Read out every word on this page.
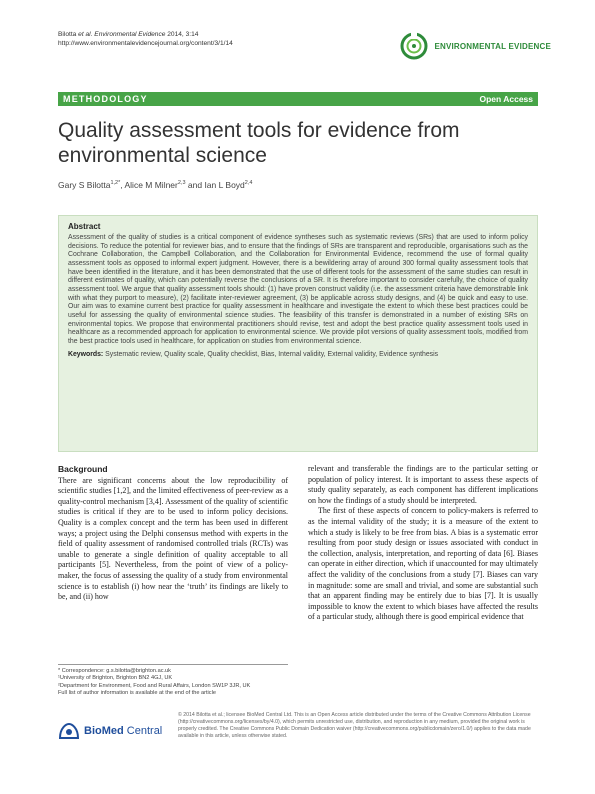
Bilotta et al. Environmental Evidence 2014, 3:14
http://www.environmentalevidencejournal.org/content/3/1/14	ENVIRONMENTAL EVIDENCE
METHODOLOGY	Open Access
Quality assessment tools for evidence from
environmental science
Gary S Bilotta$^{1,2*}$, Alice M Milner$^{2,3}$ and Ian L Boyd$^{2,4}$
Abstract

Assessment of the quality of studies is a critical component of evidence syntheses such as systematic reviews (SRs) that are used to inform policy decisions. To reduce the potential for reviewer bias, and to ensure that the findings of SRs are transparent and reproducible, organisations such as the Cochrane Collaboration, the Campbell Collaboration, and the Collaboration for Environmental Evidence, recommend the use of formal quality assessment tools as opposed to informal expert judgment. However, there is a bewildering array of around 300 formal quality assessment tools that have been identified in the literature, and it has been demonstrated that the use of different tools for the assessment of the same studies can result in different estimates of quality, which can potentially reverse the conclusions of a SR. It is therefore important to consider carefully, the choice of quality assessment tool. We argue that quality assessment tools should: (1) have proven construct validity (i.e. the assessment criteria have demonstrable link with what they purport to measure), (2) facilitate inter-reviewer agreement, (3) be applicable across study designs, and (4) be quick and easy to use. Our aim was to examine current best practice for quality assessment in healthcare and investigate the extent to which these best practices could be useful for assessing the quality of environmental science studies. The feasibility of this transfer is demonstrated in a number of existing SRs on environmental topics. We propose that environmental practitioners should revise, test and adopt the best practice quality assessment tools used in healthcare as a recommended approach for application to environmental science. We provide pilot versions of quality assessment tools, modified from the best practice tools used in healthcare, for application on studies from environmental science.

Keywords: Systematic review, Quality scale, Quality checklist, Bias, Internal validity, External validity, Evidence synthesis

Background

There are significant concerns about the low reproducibility of scientific studies [1,2], and the limited effectiveness of peer-review as a quality-control mechanism [3,4]. Assessment of the quality of scientific studies is critical if they are to be used to inform policy decisions. Quality is a complex concept and the term has been used in different ways; a project using the Delphi consensus method with experts in the field of quality assessment of randomised controlled trials (RCTs) was unable to generate a single definition of quality acceptable to all participants [5]. Nevertheless, from the point of view of a policy-maker, the focus of assessing the quality of a study from environmental science is to establish (i) how near the ‘truth’ its findings are likely to be, and (ii) how

relevant and transferable the findings are to the particular setting or population of policy interest. It is important to assess these aspects of study quality separately, as each component has different implications on how the findings of a study should be interpreted.

The first of these aspects of concern to policy-makers is referred to as the internal validity of the study; it is a measure of the extent to which a study is likely to be free from bias. A bias is a systematic error resulting from poor study design or issues associated with conduct in the collection, analysis, interpretation, and reporting of data [6]. Biases can operate in either direction, which if unaccounted for may ultimately affect the validity of the conclusions from a study [7]. Biases can vary in magnitude: some are small and trivial, and some are substantial such that an apparent finding may be entirely due to bias [7]. It is usually impossible to know the extent to which biases have affected the results of a particular study, although there is good empirical evidence that

* Correspondence: g.s.bilotta@brighton.ac.uk
¹University of Brighton, Brighton BN2 4GJ, UK
²Department for Environment, Food and Rural Affairs, London SW1P 3JR, UK
Full list of author information is available at the end of the article
BioMed Central

© 2014 Bilotta et al.; licensee BioMed Central Ltd. This is an Open Access article distributed under the terms of the Creative Commons Attribution License (http://creativecommons.org/licenses/by/4.0), which permits unrestricted use, distribution, and reproduction in any medium, provided the original work is properly credited. The Creative Commons Public Domain Dedication waiver (http://creativecommons.org/publicdomain/zero/1.0/) applies to the data made available in this article, unless otherwise stated.
